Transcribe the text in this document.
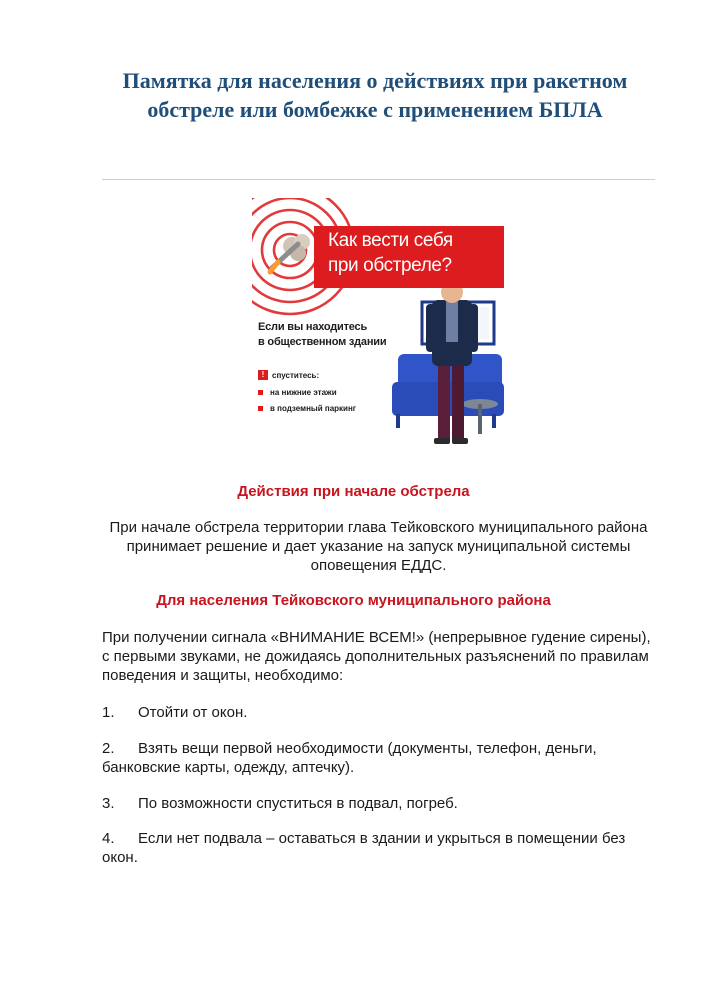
Памятка для населения о действиях при ракетном обстреле или бомбежке с применением БПЛА
Как вести себя
при обстреле?
Если вы находитесь
в общественном здании
! спуститесь:
на нижние этажи
в подземный паркинг
Действия при начале обстрела

При начале обстрела территории глава Тейковского муниципального района принимает решение и дает указание на запуск муниципальной системы оповещения ЕДДС.

Для населения Тейковского муниципального района

При получении сигнала «ВНИМАНИЕ ВСЕМ!» (непрерывное гудение сирены), с первыми звуками, не дожидаясь дополнительных разъяснений по правилам поведения и защиты, необходимо:

1. Отойти от окон.

2. Взять вещи первой необходимости (документы, телефон, деньги, банковские карты, одежду, аптечку).

3. По возможности спуститься в подвал, погреб.

4. Если нет подвала – оставаться в здании и укрыться в помещении без окон.
